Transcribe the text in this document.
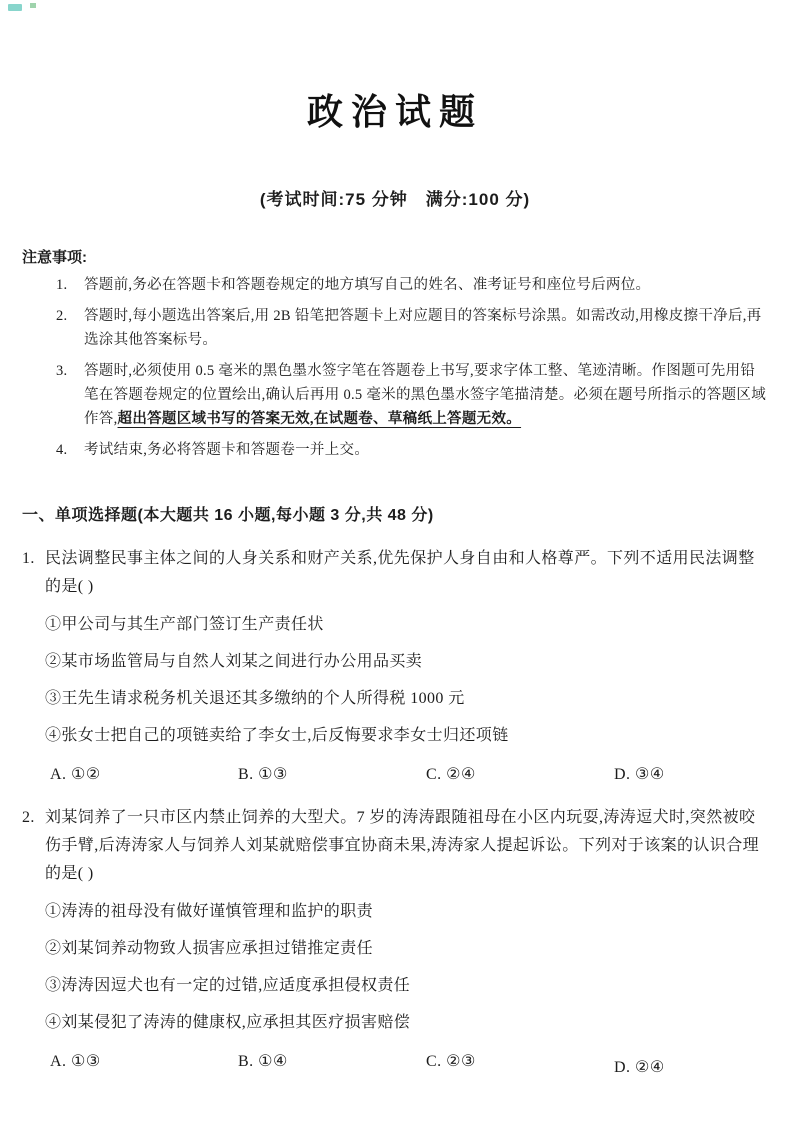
政治试题
(考试时间:75 分钟　满分:100 分)
注意事项:
1.	答题前,务必在答题卡和答题卷规定的地方填写自己的姓名、准考证号和座位号后两位。
2.	答题时,每小题选出答案后,用 2B 铅笔把答题卡上对应题目的答案标号涂黑。如需改动,用橡皮擦干净后,再选涂其他答案标号。
3.	答题时,必须使用 0.5 毫米的黑色墨水签字笔在答题卷上书写,要求字体工整、笔迹清晰。作图题可先用铅笔在答题卷规定的位置绘出,确认后再用 0.5 毫米的黑色墨水签字笔描清楚。必须在题号所指示的答题区域作答,超出答题区域书写的答案无效,在试题卷、草稿纸上答题无效。
4.	考试结束,务必将答题卡和答题卷一并上交。
一、单项选择题(本大题共 16 小题,每小题 3 分,共 48 分)
1. 民法调整民事主体之间的人身关系和财产关系,优先保护人身自由和人格尊严。下列不适用民法调整的是( )
①甲公司与其生产部门签订生产责任状
②某市场监管局与自然人刘某之间进行办公用品买卖
③王先生请求税务机关退还其多缴纳的个人所得税 1000 元
④张女士把自己的项链卖给了李女士,后反悔要求李女士归还项链
A. ①②	B. ①③	C. ②④	D. ③④
2. 刘某饲养了一只市区内禁止饲养的大型犬。7 岁的涛涛跟随祖母在小区内玩耍,涛涛逗犬时,突然被咬伤手臂,后涛涛家人与饲养人刘某就赔偿事宜协商未果,涛涛家人提起诉讼。下列对于该案的认识合理的是( )
①涛涛的祖母没有做好谨慎管理和监护的职责
②刘某饲养动物致人损害应承担过错推定责任
③涛涛因逗犬也有一定的过错,应适度承担侵权责任
④刘某侵犯了涛涛的健康权,应承担其医疗损害赔偿
A. ①③	B. ①④	C. ②③	D. ②④
